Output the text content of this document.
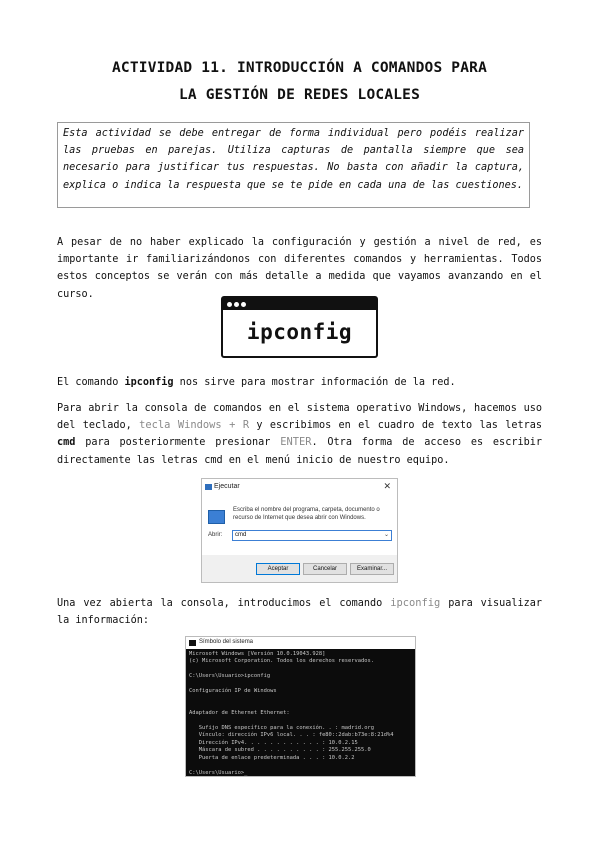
ACTIVIDAD 11. INTRODUCCIÓN A COMANDOS PARA
LA GESTIÓN DE REDES LOCALES
Esta actividad se debe entregar de forma individual pero podéis realizar las pruebas en parejas. Utiliza capturas de pantalla siempre que sea necesario para justificar tus respuestas. No basta con añadir la captura, explica o indica la respuesta que se te pide en cada una de las cuestiones.
A pesar de no haber explicado la configuración y gestión a nivel de red, es importante ir familiarizándonos con diferentes comandos y herramientas. Todos estos conceptos se verán con más detalle a medida que vayamos avanzando en el curso.
ipconfig
El comando ipconfig nos sirve para mostrar información de la red.
Para abrir la consola de comandos en el sistema operativo Windows, hacemos uso del teclado, tecla Windows + R y escribimos en el cuadro de texto las letras cmd para posteriormente presionar ENTER. Otra forma de acceso es escribir directamente las letras cmd en el menú inicio de nuestro equipo.
Ejecutar	✕
Escriba el nombre del programa, carpeta, documento o recurso de Internet que desea abrir con Windows.
Abrir:	cmd	⌄
Aceptar	Cancelar	Examinar...
Una vez abierta la consola, introducimos el comando ipconfig para visualizar la información:
Símbolo del sistema
Microsoft Windows [Versión 10.0.19043.928]
(c) Microsoft Corporation. Todos los derechos reservados.

C:\Users\Usuario>ipconfig

Configuración IP de Windows

Adaptador de Ethernet Ethernet:

Sufijo DNS específico para la conexión. . : madrid.org
Vínculo: dirección IPv6 local. . . : fe80::2dab:b73e:8:21d%4
Dirección IPv4. . . . . . . . . . . . : 10.0.2.15
Máscara de subred . . . . . . . . . . : 255.255.255.0
Puerta de enlace predeterminada . . . : 10.0.2.2

C:\Users\Usuario>_
